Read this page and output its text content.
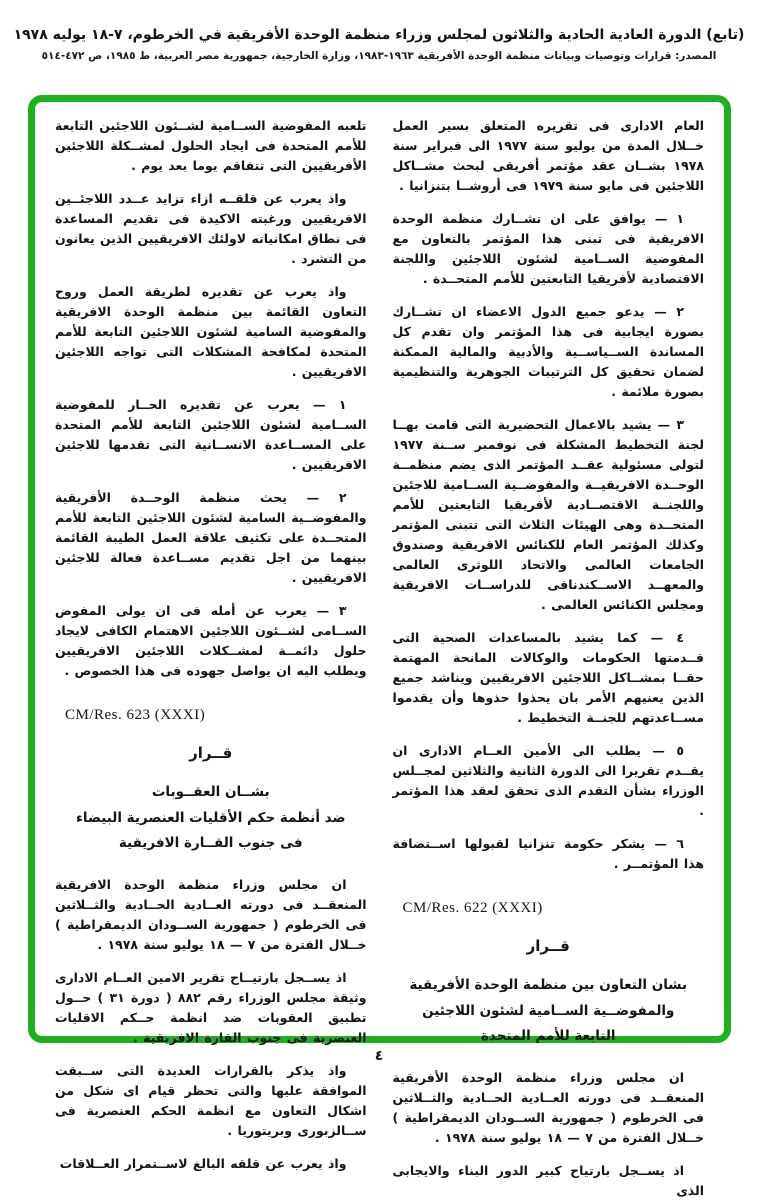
(تابع) الدورة العادية الحادية والثلاثون لمجلس وزراء منظمة الوحدة الأفريقية في الخرطوم، ٧-١٨ يوليه ١٩٧٨
المصدر: قرارات وتوصيات وبيانات منظمة الوحدة الأفريقية ١٩٦٣-١٩٨٣، وزارة الخارجية، جمهورية مصر العربية، ط ١٩٨٥، ص ٤٧٢-٥١٤

العام الادارى فى تقريره المتعلق بسير العمل خــلال المدة من يوليو سنة ١٩٧٧ الى فبراير سنة ١٩٧٨ بشــان عقد مؤتمر أفريقى لبحث مشــاكل اللاجئين فى مايو سنة ١٩٧٩ فى أروشــا بتنزانيا .

١ — يوافق على ان تشــارك منظمة الوحدة الافريقية فى تبنى هذا المؤتمر بالتعاون مع المفوضية الســامية لشئون اللاجئين واللجنة الاقتصادية لأفريقيا التابعتين للأمم المتحــدة .

٢ — يدعو جميع الدول الاعضاء ان تشــارك بصورة ايجابية فى هذا المؤتمر وان تقدم كل المساندة الســياســية والأدبية والمالية الممكنة لضمان تحقيق كل الترتيبات الجوهرية والتنظيمية بصورة ملائمة .

٣ — يشيد بالاعمال التحضيرية التى قامت بهــا لجنة التخطيط المشكلة فى نوفمبر ســنة ١٩٧٧ لتولى مسئولية عقــد المؤتمر الذى يضم منظمــة الوحــدة الافريقيــة والمفوضــية الســامية للاجئين واللجنــة الاقتصــادية لأفريقيا التابعتين للأمم المتحــدة وهى الهيئات الثلاث التى تتبنى المؤتمر وكذلك المؤتمر العام للكنائس الافريقية وصندوق الجامعات العالمى والاتحاد اللوثرى العالمى والمعهــد الاســكندنافى للدراســات الافريقية ومجلس الكنائس العالمى .

٤ — كما يشيد بالمساعدات الصحية التى قــدمتها الحكومات والوكالات المانحة المهتمة حقــا بمشــاكل اللاجئين الافريقيين ويناشد جميع الذين يعنيهم الأمر بان يحذوا حذوها وأن يقدموا مســاعدتهم للجنــة التخطيط .

٥ — يطلب الى الأمين العــام الادارى ان يقــدم تقريرا الى الدورة الثانية والثلاثين لمجــلس الوزراء بشأن التقدم الذى تحقق لعقد هذا المؤتمر .

٦ — يشكر حكومة تنزانيا لقبولها اســتضافة هذا المؤتمــر .

CM/Res. 622 (XXXI)
قــرار
بشان التعاون بين منظمة الوحدة الأفريقية
والمفوضــية الســامية لشئون اللاجئين
التابعة للأمم المتحدة

ان مجلس وزراء منظمة الوحدة الأفريقية المنعقــد فى دورته العــادية الحــادية والثــلاثين فى الخرطوم ( جمهورية الســودان الديمقراطية ) خــلال الفترة من ٧ — ١٨ يوليو سنة ١٩٧٨ .

اذ يســجل بارتياح كبير الدور البناء والايجابى الذى

تلعبه المفوضية الســامية لشــئون اللاجئين التابعة للأمم المتحدة فى ايجاد الحلول لمشــكلة اللاجئين الأفريقيين التى تتفاقم يوما بعد يوم .

واذ يعرب عن قلقــه ازاء تزايد عــدد اللاجئــين الافريقيين ورغبته الاكيدة فى تقديم المساعدة فى نطاق امكانياته لاولئك الافريقيين الذين يعانون من التشرد .

واذ يعرب عن تقديره لطريقة العمل وروح التعاون القائمة بين منظمة الوحدة الافريقية والمفوضية السامية لشئون اللاجئين التابعة للأمم المتحدة لمكافحة المشكلات التى تواجه اللاجئين الافريقيين .

١ — يعرب عن تقديره الحــار للمفوضية الســامية لشئون اللاجئين التابعة للأمم المتحدة على المســاعدة الانســانية التى تقدمها للاجئين الافريقيين .

٢ — يحث منظمة الوحــدة الأفريقية والمفوضــية السامية لشئون اللاجئين التابعة للأمم المتحــدة على تكثيف علاقة العمل الطيبة القائمة بينهما من اجل تقديم مســاعدة فعالة للاجئين الافريقيين .

٣ — يعرب عن أمله فى ان يولى المفوض الســامى لشــئون اللاجئين الاهتمام الكافى لايجاد حلول دائمــة لمشــكلات اللاجئين الافريقيين ويطلب اليه ان يواصل جهوده فى هذا الخصوص .

CM/Res. 623 (XXXI)
قــرار
بشــان العقــوبات
ضد أنظمة حكم الأقليات العنصرية البيضاء
فى جنوب القــارة الافريقية

ان مجلس وزراء منظمة الوحدة الافريقية المنعقــد فى دورته العــادية الحــادية والثــلاثين فى الخرطوم ( جمهورية الســودان الديمقراطية ) خــلال الفترة من ٧ — ١٨ يوليو سنة ١٩٧٨ .

اذ يســجل بارتيــاح تقرير الامين العــام الادارى وثيقة مجلس الوزراء رقم ٨٨٢ ( دورة ٣١ ) حــول تطبيق العقوبات ضد انظمة حــكم الاقليات العنصرية فى جنوب القارة الافريقية .

واذ يذكر بالقرارات العديدة التى ســبقت الموافقة عليها والتى تحظر قيام اى شكل من اشكال التعاون مع انظمة الحكم العنصرية فى ســالزبورى وبريتوريا .

واذ يعرب عن قلقه البالغ لاســتمرار العــلاقات

٤
